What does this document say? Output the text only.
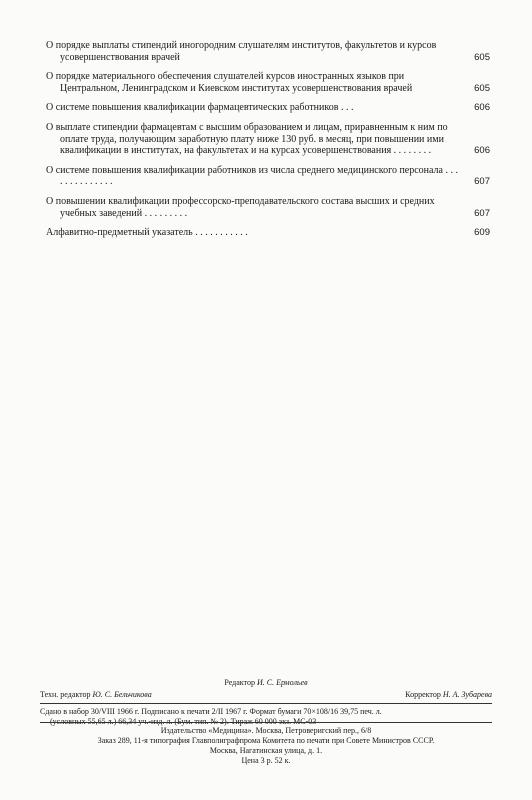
О порядке выплаты стипендий иногородним слушателям институтов, факультетов и курсов усовершенствования врачей	605
О порядке материального обеспечения слушателей курсов иностранных языков при Центральном, Ленинградском и Киевском институтах усовершенствования врачей	605
О системе повышения квалификации фармацевтических работников . . .	606
О выплате стипендии фармацевтам с высшим образованием и лицам, приравненным к ним по оплате труда, получающим заработную плату ниже 130 руб. в месяц, при повышении ими квалификации в институтах, на факультетах и на курсах усовершенствования . . . . . . . .	606
О системе повышения квалификации работников из числа среднего медицинского персонала . . . . . . . . . . . . . .	607
О повышении квалификации профессорско-преподавательского состава высших и средних учебных заведений . . . . . . . . .	607
Алфавитно-предметный указатель . . . . . . . . . . .	609
Редактор И. С. Ермольев
Техн. редактор Ю. С. Бельчикова	Корректор Н. А. Зубарева
Сдано в набор 30/VIII 1966 г. Подписано к печати 2/II 1967 г. Формат бумаги 70×108/16 39,75 печ. л.
(условных 55,65 л.) 66,34 уч.-изд. л. (Бум. тип. № 2). Тираж 60 000 экз. МС-03
Издательство «Медицина». Москва, Петроверигский пер., 6/8
Заказ 289, 11-я типография Главполиграфпрома Комитета по печати при Совете Министров СССР.
Москва, Нагатинская улица, д. 1.
Цена 3 р. 52 к.
